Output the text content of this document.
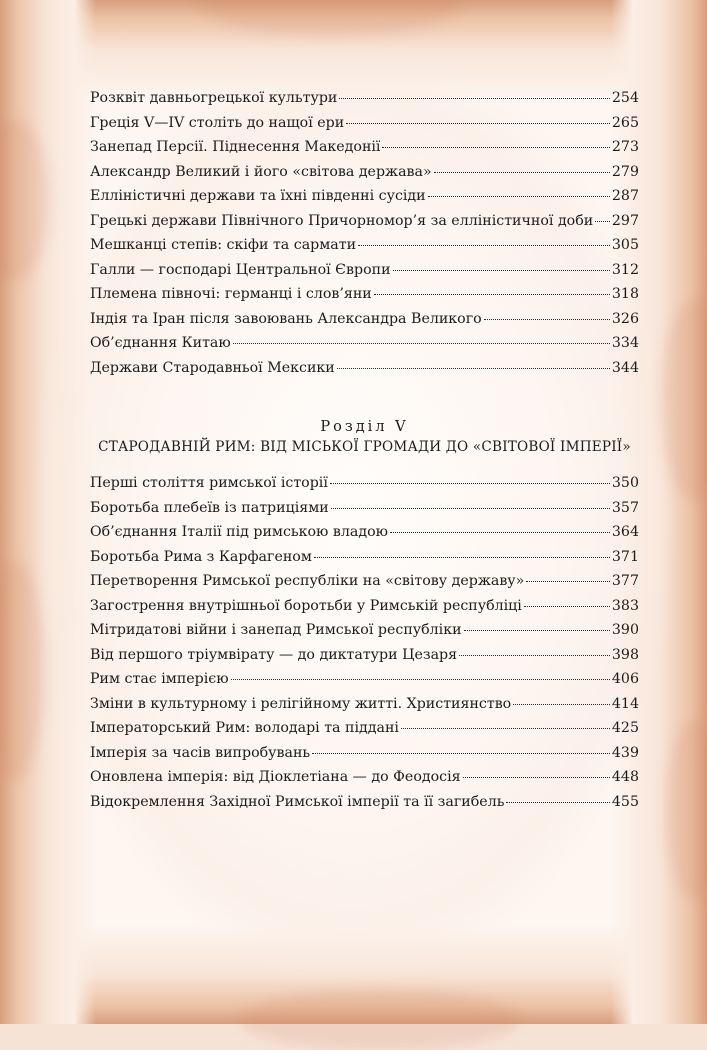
Розквіт давньогрецької культури	254
Греція V—IV століть до нащої ери	265
Занепад Персії. Піднесення Македонії	273
Александр Великий і його «світова держава»	279
Елліністичні держави та їхні південні сусіди	287
Грецькі держави Північного Причорномор’я за елліністичної доби 297
Мешканці степів: скіфи та сармати	305
Галли — господарі Центральної Європи	312
Племена півночі: германці і слов’яни	318
Індія та Іран після завоювань Александра Великого	326
Об’єднання Китаю	334
Держави Стародавньої Мексики	344
Розділ V
СТАРОДАВНІЙ РИМ: ВІД МІСЬКОЇ ГРОМАДИ ДО «СВІТОВОЇ ІМПЕРІЇ»
Перші століття римської історії	350
Боротьба плебеїв із патриціями	357
Об’єднання Італії під римською владою	364
Боротьба Рима з Карфагеном	371
Перетворення Римської республіки на «світову державу»	377
Загострення внутрішньої боротьби у Римській республіці	383
Мітридатові війни і занепад Римської республіки	390
Від першого тріумвірату — до диктатури Цезаря	398
Рим стає імперією	406
Зміни в культурному і релігійному житті. Християнство	414
Імператорський Рим: володарі та піддані	425
Імперія за часів випробувань	439
Оновлена імперія: від Діоклетіана — до Феодосія	448
Відокремлення Західної Римської імперії та її загибель	455
